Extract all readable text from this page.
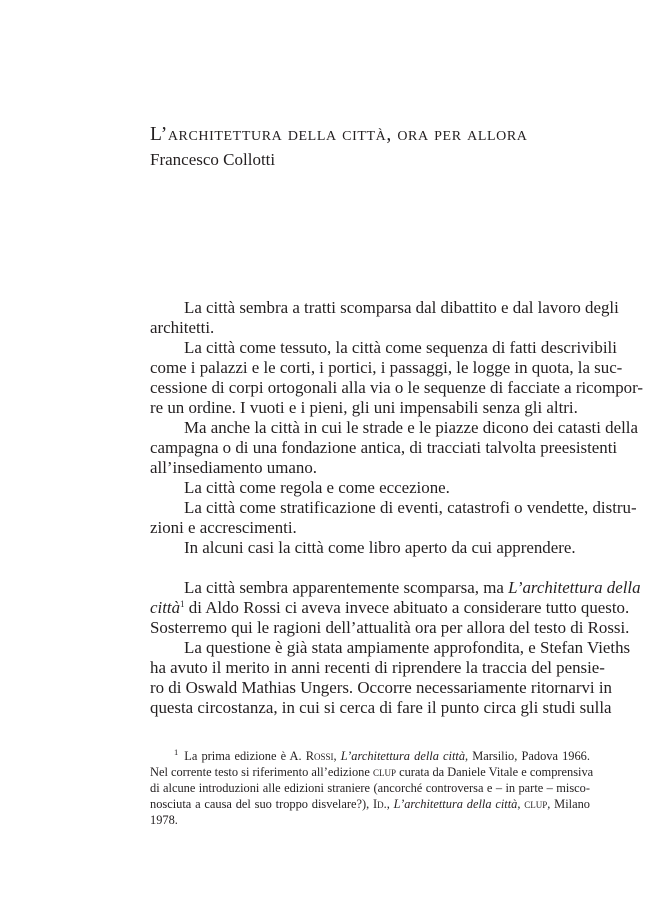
L’architettura della città, ora per allora
Francesco Collotti
La città sembra a tratti scomparsa dal dibattito e dal lavoro degli
architetti.
La città come tessuto, la città come sequenza di fatti descrivibili
come i palazzi e le corti, i portici, i passaggi, le logge in quota, la suc-
cessione di corpi ortogonali alla via o le sequenze di facciate a ricompor-
re un ordine. I vuoti e i pieni, gli uni impensabili senza gli altri.
Ma anche la città in cui le strade e le piazze dicono dei catasti della
campagna o di una fondazione antica, di tracciati talvolta preesistenti
all’insediamento umano.
La città come regola e come eccezione.
La città come stratificazione di eventi, catastrofi o vendette, distru-
zioni e accrescimenti.
In alcuni casi la città come libro aperto da cui apprendere.
La città sembra apparentemente scomparsa, ma L’architettura della
città$^1$ di Aldo Rossi ci aveva invece abituato a considerare tutto questo.
Sosterremo qui le ragioni dell’attualità ora per allora del testo di Rossi.
La questione è già stata ampiamente approfondita, e Stefan Vieths
ha avuto il merito in anni recenti di riprendere la traccia del pensie-
ro di Oswald Mathias Ungers. Occorre necessariamente ritornarvi in
questa circostanza, in cui si cerca di fare il punto circa gli studi sulla
$^1$ La prima edizione è A. Rossi, L’architettura della città, Marsilio, Padova 1966.
Nel corrente testo si riferimento all’edizione clup curata da Daniele Vitale e comprensiva
di alcune introduzioni alle edizioni straniere (ancorché controversa e – in parte – misco-
nosciuta a causa del suo troppo disvelare?), Id., L’architettura della città, clup, Milano
1978.
